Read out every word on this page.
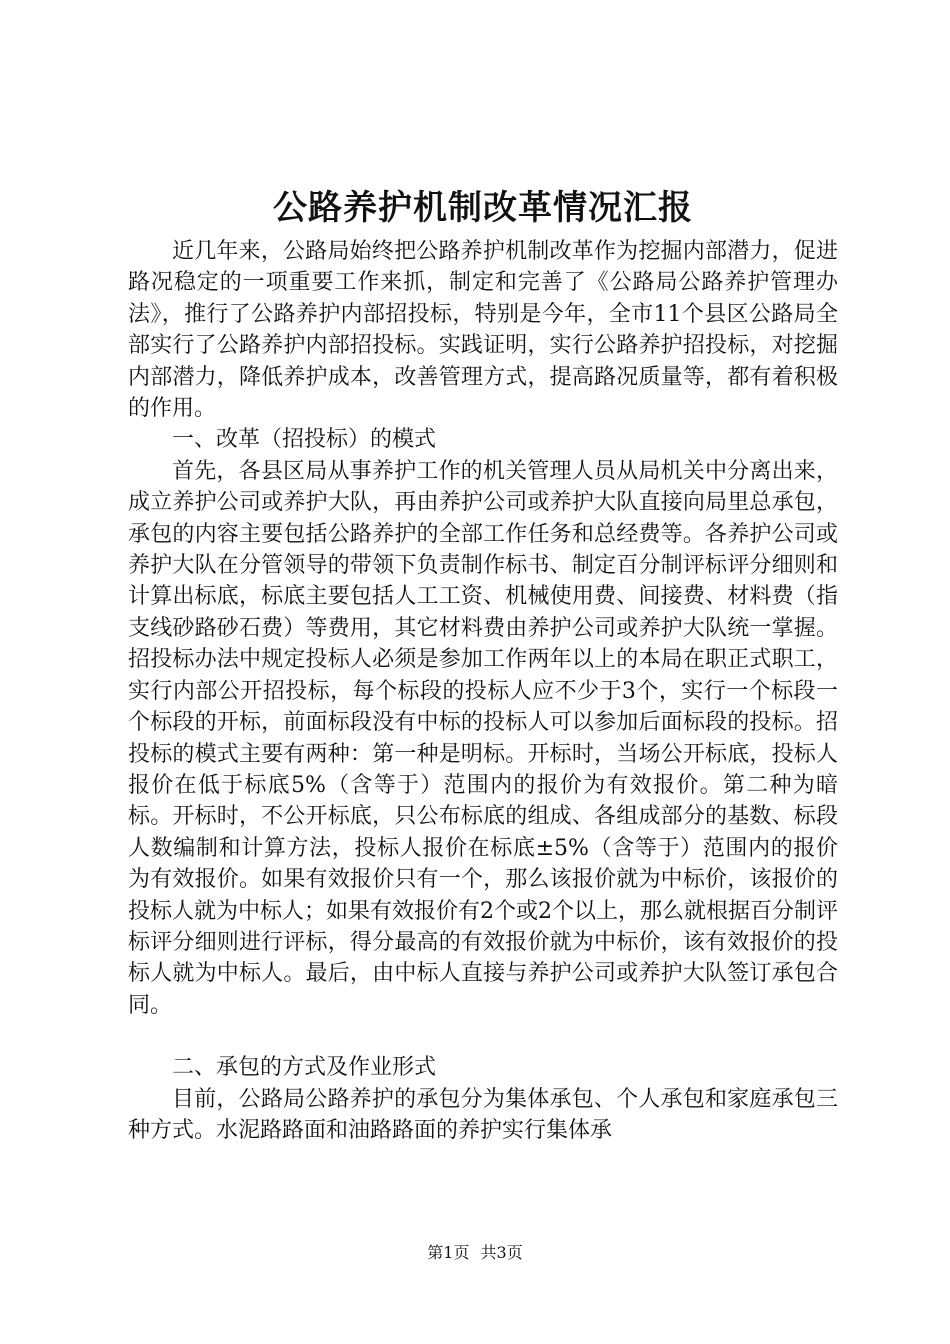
公路养护机制改革情况汇报

近几年来，公路局始终把公路养护机制改革作为挖掘内部潜力，促进路况稳定的一项重要工作来抓，制定和完善了《公路局公路养护管理办法》，推行了公路养护内部招投标，特别是今年，全市11个县区公路局全部实行了公路养护内部招投标。实践证明，实行公路养护招投标，对挖掘内部潜力，降低养护成本，改善管理方式，提高路况质量等，都有着积极的作用。

一、改革（招投标）的模式

首先，各县区局从事养护工作的机关管理人员从局机关中分离出来，成立养护公司或养护大队，再由养护公司或养护大队直接向局里总承包，承包的内容主要包括公路养护的全部工作任务和总经费等。各养护公司或养护大队在分管领导的带领下负责制作标书、制定百分制评标评分细则和计算出标底，标底主要包括人工工资、机械使用费、间接费、材料费（指支线砂路砂石费）等费用，其它材料费由养护公司或养护大队统一掌握。招投标办法中规定投标人必须是参加工作两年以上的本局在职正式职工，实行内部公开招投标，每个标段的投标人应不少于3个，实行一个标段一个标段的开标，前面标段没有中标的投标人可以参加后面标段的投标。招投标的模式主要有两种：第一种是明标。开标时，当场公开标底，投标人报价在低于标底5%（含等于）范围内的报价为有效报价。第二种为暗标。开标时，不公开标底，只公布标底的组成、各组成部分的基数、标段人数编制和计算方法，投标人报价在标底±5%（含等于）范围内的报价为有效报价。如果有效报价只有一个，那么该报价就为中标价，该报价的投标人就为中标人；如果有效报价有2个或2个以上，那么就根据百分制评标评分细则进行评标，得分最高的有效报价就为中标价，该有效报价的投标人就为中标人。最后，由中标人直接与养护公司或养护大队签订承包合同。

二、承包的方式及作业形式

目前，公路局公路养护的承包分为集体承包、个人承包和家庭承包三种方式。水泥路路面和油路路面的养护实行集体承

第1页 共3页
